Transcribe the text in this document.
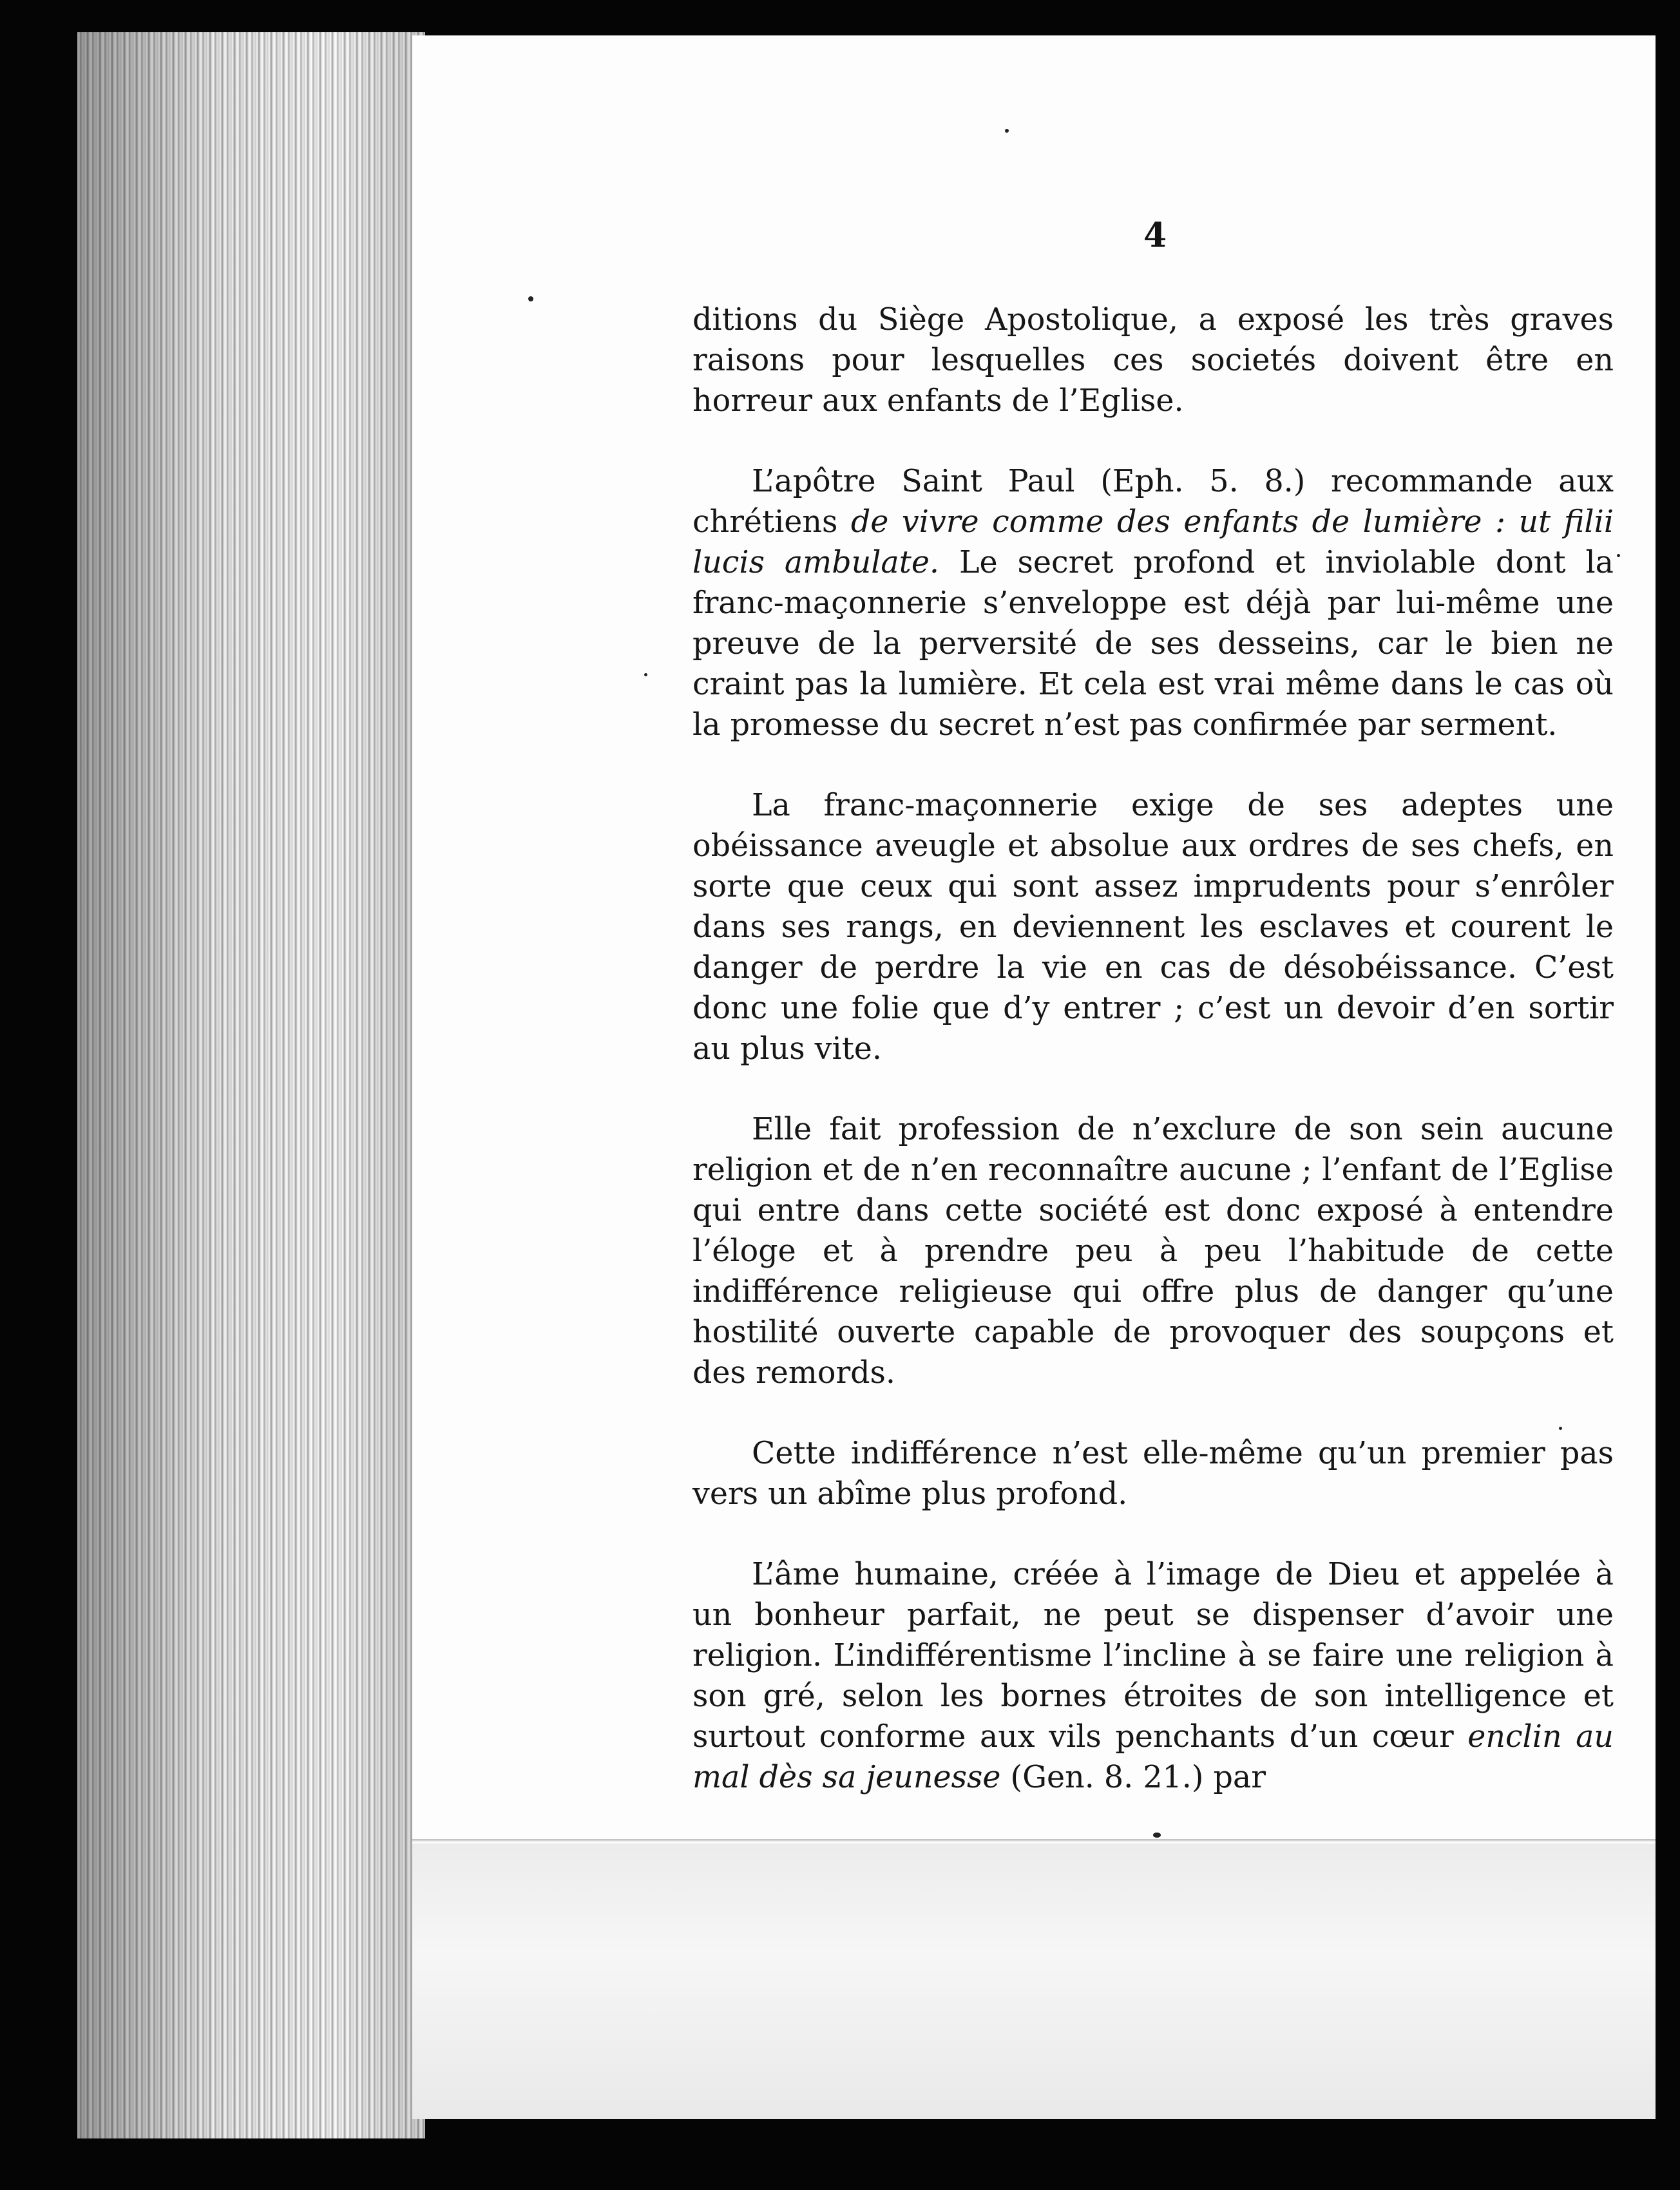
4

ditions du Siège Apostolique, a exposé les très graves raisons pour lesquelles ces societés doivent être en horreur aux enfants de l’Eglise.

L’apôtre Saint Paul (Eph. 5. 8.) recommande aux chrétiens de vivre comme des enfants de lumière : ut filii lucis ambulate. Le secret profond et inviolable dont la franc-maçonnerie s’enveloppe est déjà par lui-même une preuve de la perversité de ses desseins, car le bien ne craint pas la lumière. Et cela est vrai même dans le cas où la promesse du secret n’est pas confirmée par serment.

La franc-maçonnerie exige de ses adeptes une obéissance aveugle et absolue aux ordres de ses chefs, en sorte que ceux qui sont assez imprudents pour s’enrôler dans ses rangs, en deviennent les esclaves et courent le danger de perdre la vie en cas de désobéissance. C’est donc une folie que d’y entrer ; c’est un devoir d’en sortir au plus vite.

Elle fait profession de n’exclure de son sein aucune religion et de n’en reconnaître aucune ; l’enfant de l’Eglise qui entre dans cette société est donc exposé à entendre l’éloge et à prendre peu à peu l’habitude de cette indifférence religieuse qui offre plus de danger qu’une hostilité ouverte capable de provoquer des soupçons et des remords.

Cette indifférence n’est elle-même qu’un premier pas vers un abîme plus profond.

L’âme humaine, créée à l’image de Dieu et appelée à un bonheur parfait, ne peut se dispenser d’avoir une religion. L’indifférentisme l’incline à se faire une religion à son gré, selon les bornes étroites de son intelligence et surtout conforme aux vils penchants d’un cœur enclin au mal dès sa jeunesse (Gen. 8. 21.) par
